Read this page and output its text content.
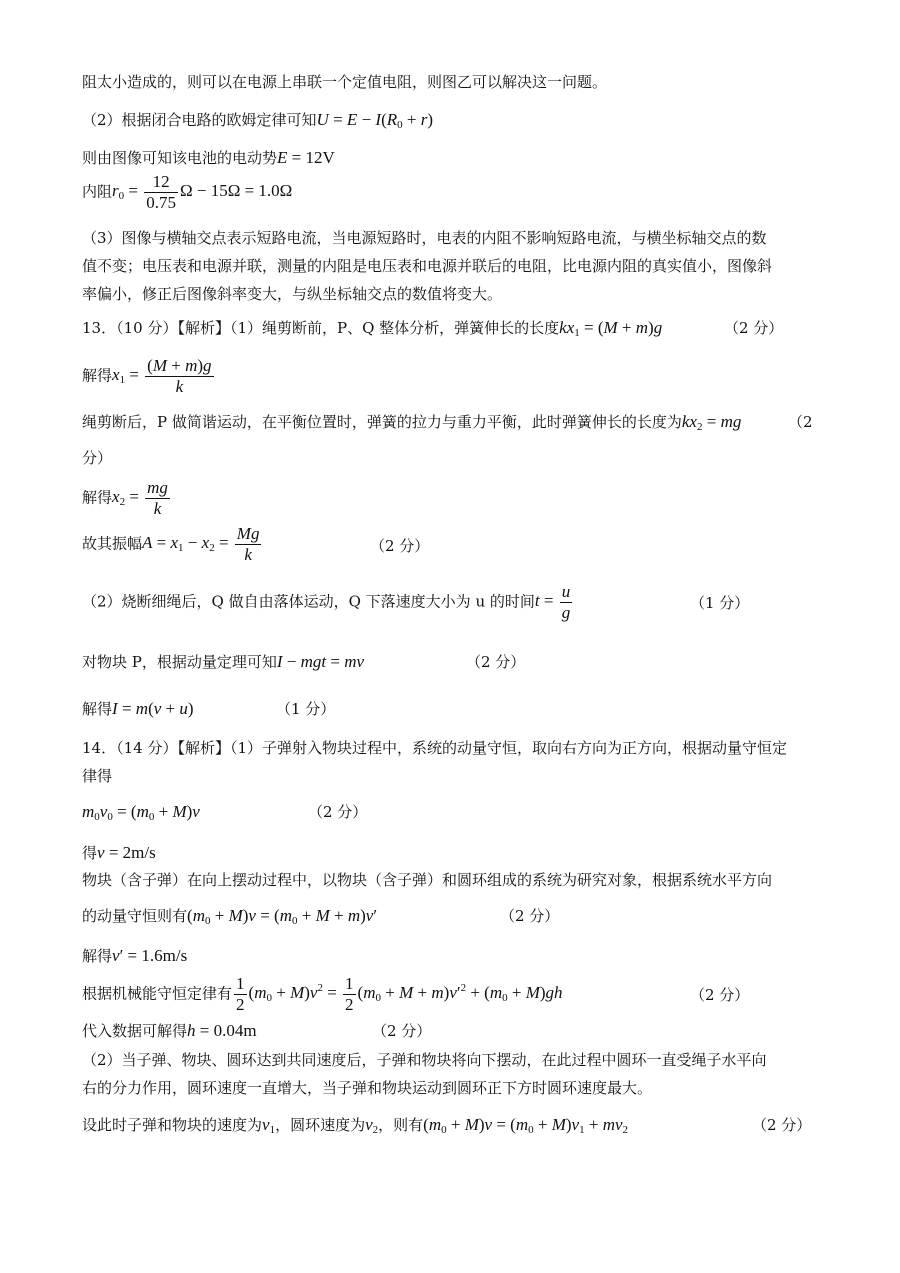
阻太小造成的，则可以在电源上串联一个定值电阻，则图乙可以解决这一问题。
（2）根据闭合电路的欧姆定律可知$U = E - I(R_0 + r)$
则由图像可知该电池的电动势E = 12V
内阻$r_0 = \frac{12}{0.75}$ Ω − 15Ω = 1.0Ω
（3）图像与横轴交点表示短路电流，当电源短路时，电表的内阻不影响短路电流，与横坐标轴交点的数
值不变；电压表和电源并联，测量的内阻是电压表和电源并联后的电阻，比电源内阻的真实值小，图像斜
率偏小，修正后图像斜率变大，与纵坐标轴交点的数值将变大。
13．（10 分）【解析】（1）绳剪断前，P、Q 整体分析，弹簧伸长的长度$kx_1 = (M + m)g$	（2 分）
解得$x_1 = \frac{(M + m)g}{k}$
绳剪断后，P 做简谐运动，在平衡位置时，弹簧的拉力与重力平衡，此时弹簧伸长的长度为$kx_2$ = mg	（2
分）
解得$x_2 = \frac{mg}{k}$
故其振幅$A = x_1 - x_2 = \frac{Mg}{k}$	（2 分）
（2）烧断细绳后，Q 做自由落体运动，Q 下落速度大小为 u 的时间$t = \frac{u}{g}$	（1 分）
对物块 P，根据动量定理可知I − mgt = mv	（2 分）
解得I = m(v + u)	（1 分）
14．（14 分）【解析】（1）子弹射入物块过程中，系统的动量守恒，取向右方向为正方向，根据动量守恒定
律得
$m_0v_0 = (m_0 + M)v$	（2 分）
得v = 2m/s
物块（含子弹）在向上摆动过程中，以物块（含子弹）和圆环组成的系统为研究对象，根据系统水平方向
的动量守恒则有$(m_0 + M)v = (m_0 + M + m)v'$	（2 分）
解得v′ = 1.6m/s
根据机械能守恒定律有 $\frac{1}{2} (m_0 + M)v^2 = \frac{1}{2} (m_0 + M + m)v'^2 + (m_0 + M)gh$	（2 分）
代入数据可解得h = 0.04m	（2 分）
（2）当子弹、物块、圆环达到共同速度后，子弹和物块将向下摆动，在此过程中圆环一直受绳子水平向
右的分力作用，圆环速度一直增大，当子弹和物块运动到圆环正下方时圆环速度最大。
设此时子弹和物块的速度为$v_1$，圆环速度为$v_2$，则有$(m_0 + M)v = (m_0 + M)v_1 + mv_2$	（2 分）
